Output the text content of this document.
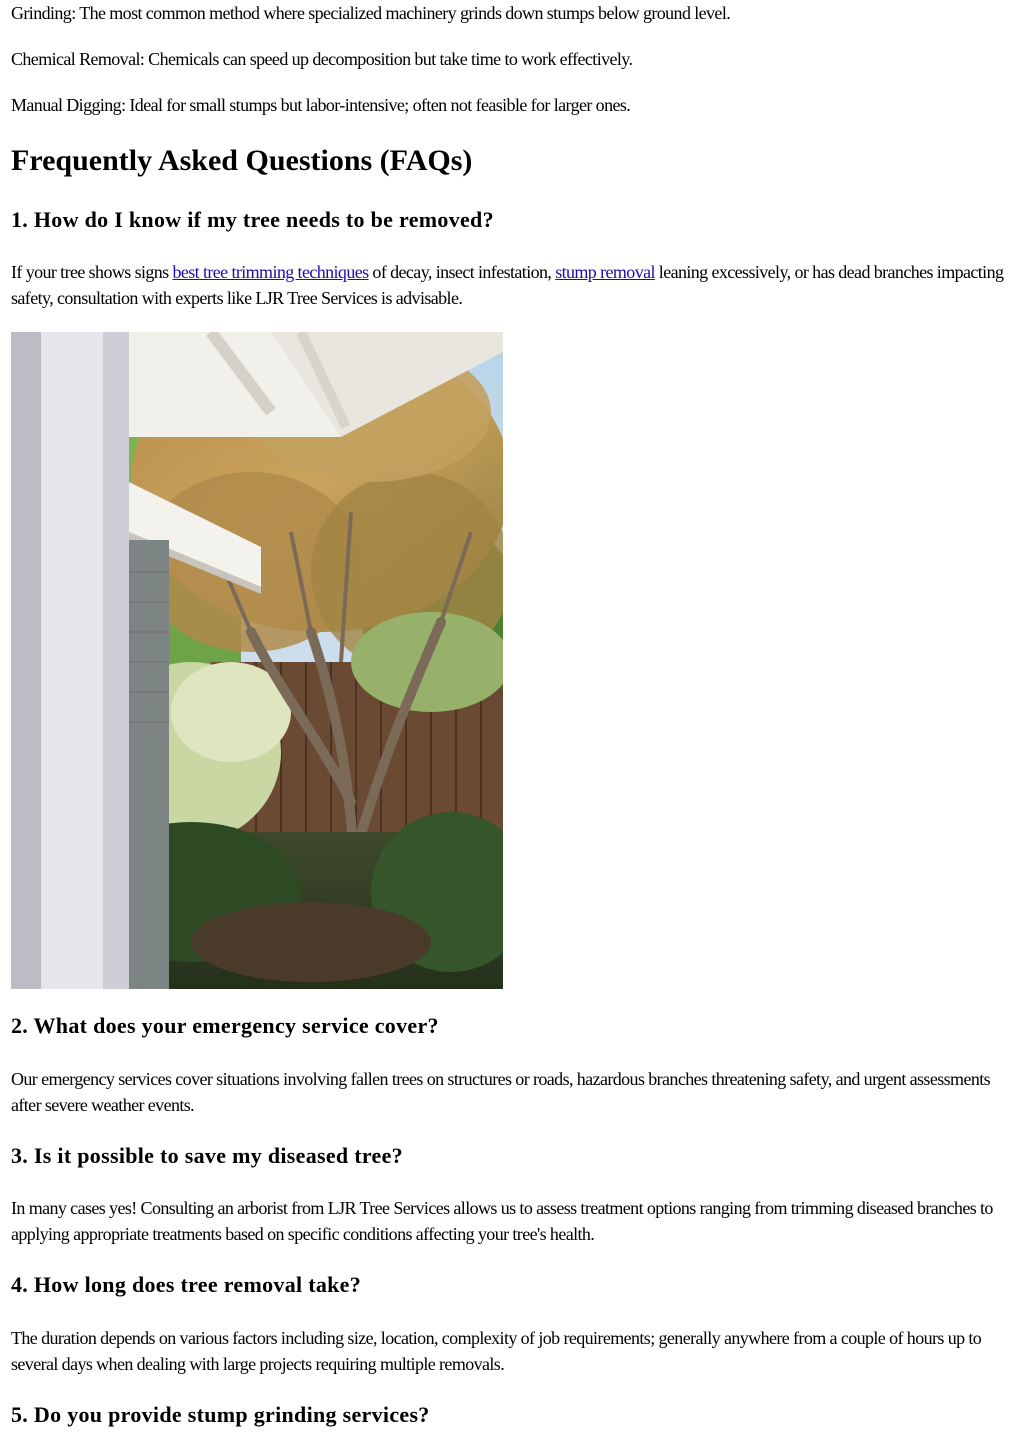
Grinding: The most common method where specialized machinery grinds down stumps below ground level.

Chemical Removal: Chemicals can speed up decomposition but take time to work effectively.

Manual Digging: Ideal for small stumps but labor-intensive; often not feasible for larger ones.

Frequently Asked Questions (FAQs)
1. How do I know if my tree needs to be removed?

If your tree shows signs best tree trimming techniques of decay, insect infestation, stump removal leaning excessively, or has dead branches impacting safety, consultation with experts like LJR Tree Services is advisable.

2. What does your emergency service cover?

Our emergency services cover situations involving fallen trees on structures or roads, hazardous branches threatening safety, and urgent assessments after severe weather events.

3. Is it possible to save my diseased tree?

In many cases yes! Consulting an arborist from LJR Tree Services allows us to assess treatment options ranging from trimming diseased branches to applying appropriate treatments based on specific conditions affecting your tree's health.

4. How long does tree removal take?

The duration depends on various factors including size, location, complexity of job requirements; generally anywhere from a couple of hours up to several days when dealing with large projects requiring multiple removals.

5. Do you provide stump grinding services?
